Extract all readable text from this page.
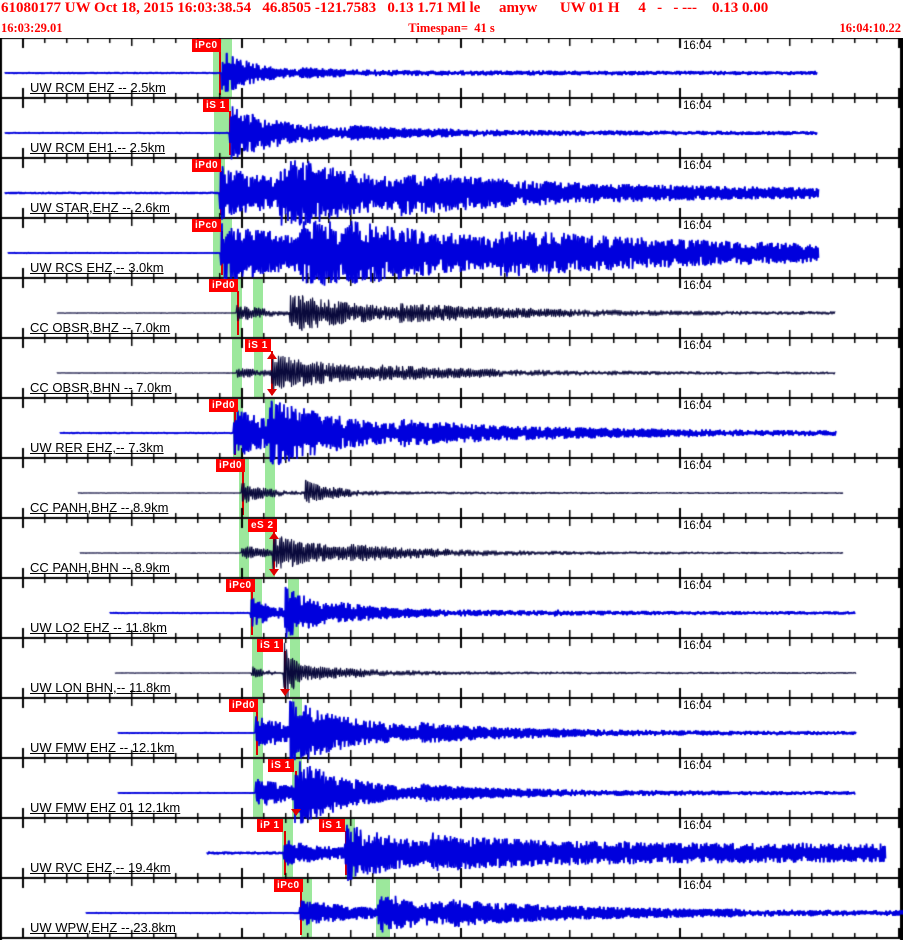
61080177 UW Oct 18, 2015 16:03:38.54   46.8505 -121.7583   0.13 1.71 Ml le     amyw      UW 01 H     4   -   - ---    0.13 0.00
16:03:29.01	Timespan=  41 s	16:04:10.22
iPc0
UW RCM EHZ -- 2.5km
16:04
iS 1
UW RCM EH1.-- 2.5km
16:04
iPd0
UW STAR,EHZ -- 2.6km
16:04
iPc0
UW RCS EHZ,-- 3.0km
16:04
iPd0
CC OBSR,BHZ -- 7.0km
16:04
iS 1
CC OBSR,BHN -- 7.0km
16:04
iPd0
UW RER EHZ,-- 7.3km
16:04
iPd0
CC PANH,BHZ -- 8.9km
16:04
eS 2
CC PANH,BHN -- 8.9km
16:04
iPc0
UW LO2 EHZ -- 11.8km
16:04
iS 1
UW LON BHN,-- 11.8km
16:04
iPd0
UW FMW EHZ -- 12.1km
16:04
iS 1
UW FMW EHZ 01 12.1km
16:04
iP 1	iS 1
UW RVC EHZ,-- 19.4km
16:04
iPc0
UW WPW,EHZ -- 23.8km
16:04
